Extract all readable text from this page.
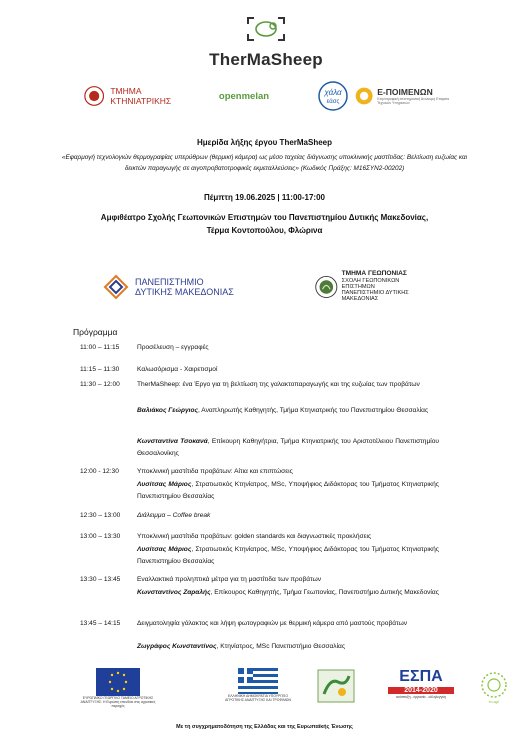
TherMaSheep
ΤΜΗΜΑ ΚΤΗΝΙΑΤΡΙΚΗΣ	openmelan	χάλα
εάσς
Ε-ΠΟΙΜΕΝΩΝ
Κτηνοτροφική επιστημονική Ανώνυμη Εταιρεία Τεχνικών Υπηρεσιών
Ημερίδα λήξης έργου TherMaSheep
«Εφαρμογή τεχνολογιών θερμογραφίας υπερύθρων (θερμική κάμερα) ως μέσο ταχείας διάγνωσης υποκλινικής μαστίτιδας: Βελτίωση ευζωίας και δεικτών παραγωγής σε αιγοπροβατοτροφικές εκμεταλλεύσεις» (Κωδικός Πράξης: Μ16ΣΥΝ2-00202)
Πέμπτη 19.06.2025 | 11:00-17:00
Αμφιθέατρο Σχολής Γεωπονικών Επιστημών του Πανεπιστημίου Δυτικής Μακεδονίας,
Τέρμα Κοντοπούλου, Φλώρινα
ΠΑΝΕΠΙΣΤΗΜΙΟ
ΔΥΤΙΚΗΣ ΜΑΚΕΔΟΝΙΑΣ
ΤΜΗΜΑ ΓΕΩΠΟΝΙΑΣ
ΣΧΟΛΗ ΓΕΩΠΟΝΙΚΩΝ ΕΠΙΣΤΗΜΩΝ
ΠΑΝΕΠΙΣΤΗΜΙΟ ΔΥΤΙΚΗΣ ΜΑΚΕΔΟΝΙΑΣ
Πρόγραμμα
11:00 – 11:15	Προσέλευση – εγγραφές
11:15 – 11:30	Καλωσόρισμα - Χαιρετισμοί
11:30 – 12:00	TherMaSheep: ένα Έργο για τη βελτίωση της γαλακτοπαραγωγής και της ευζωίας των προβάτων
Βαλιάκος Γεώργιος, Αναπληρωτής Καθηγητής, Τμήμα Κτηνιατρικής του Πανεπιστημίου Θεσσαλίας
Κωνσταντίνα Τσοκανά, Επίκουρη Καθηγήτρια, Τμήμα Κτηνιατρικής του Αριστοτέλειου Πανεπιστημίου Θεσσαλονίκης
12:00 - 12:30	Υποκλινική μαστίτιδα προβάτων: Αίτια και επιπτώσεις
Λυσίτσας Μάριος, Στρατιωτικός Κτηνίατρος, MSc, Υποψήφιος Διδάκτορας του Τμήματος Κτηνιατρικής Πανεπιστημίου Θεσσαλίας
12:30 – 13:00	Διάλειμμα – Coffee break
13:00 – 13:30	Υποκλινική μαστίτιδα προβάτων: golden standards και διαγνωστικές προκλήσεις
Λυσίτσας Μάριος, Στρατιωτικός Κτηνίατρος, MSc, Υποψήφιος Διδάκτορας του Τμήματος Κτηνιατρικής Πανεπιστημίου Θεσσαλίας
13:30 – 13:45	Εναλλακτικά προληπτικά μέτρα για τη μαστίτιδα των προβάτων
Κωνσταντίνος Ζαραλής, Επίκουρος Καθηγητής, Τμήμα Γεωπονίας, Πανεπιστήμιο Δυτικής Μακεδονίας
13:45 – 14:15	Δειγματοληψία γάλακτος και λήψη φωτογραφιών με θερμική κάμερα από μαστούς προβάτων
Ζωγράφος Κωνσταντίνος, Κτηνίατρος, MSc Πανεπιστήμιο Θεσσαλίας
ΕΥΡΩΠΑΪΚΟ ΓΕΩΡΓΙΚΟ ΤΑΜΕΙΟ ΑΓΡΟΤΙΚΗΣ ΑΝΑΠΤΥΞΗΣ: Η Ευρώπη επενδύει στις αγροτικές περιοχές
ΕΛΛΗΝΙΚΗ ΔΗΜΟΚΡΑΤΙΑ ΥΠΟΥΡΓΕΙΟ ΑΓΡΟΤΙΚΗΣ ΑΝΑΠΤΥΞΗΣ ΚΑΙ ΤΡΟΦΙΜΩΝ
ΕΣΠΑ
2014-2020
ανάπτυξη - εργασία - αλληλεγγύη
eo-agri
Με τη συγχρηματοδότηση της Ελλάδας και της Ευρωπαϊκής Ένωσης
